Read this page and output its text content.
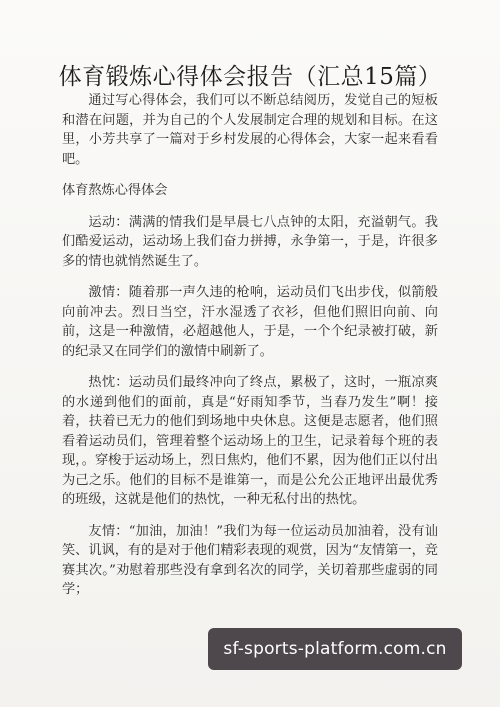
体育锻炼心得体会报告（汇总15篇）

通过写心得体会，我们可以不断总结阅历，发觉自己的短板和潜在问题，并为自己的个人发展制定合理的规划和目标。在这里，小芳共享了一篇对于乡村发展的心得体会，大家一起来看看吧。

体育熬炼心得体会

运动：满满的情我们是早晨七八点钟的太阳，充溢朝气。我们酷爱运动，运动场上我们奋力拼搏，永争第一，于是，许很多多的情也就悄然诞生了。

激情：随着那一声久违的枪响，运动员们飞出步伐，似箭般向前冲去。烈日当空，汗水湿透了衣衫，但他们照旧向前、向前，这是一种激情，必超越他人，于是，一个个纪录被打破，新的纪录又在同学们的激情中刷新了。

热忱：运动员们最终冲向了终点，累极了，这时，一瓶凉爽的水递到他们的面前，真是“好雨知季节，当春乃发生”啊！接着，扶着已无力的他们到场地中央休息。这便是志愿者，他们照看着运动员们，管理着整个运动场上的卫生，记录着每个班的表现，。穿梭于运动场上，烈日焦灼，他们不累，因为他们正以付出为己之乐。他们的目标不是谁第一，而是公允公正地评出最优秀的班级，这就是他们的热忱，一种无私付出的热忱。

友情：“加油，加油！”我们为每一位运动员加油着，没有讪笑、讥讽，有的是对于他们精彩表现的观赏，因为“友情第一，竞赛其次。”劝慰着那些没有拿到名次的同学，关切着那些虚弱的同学；

sf-sports-platform.com.cn
